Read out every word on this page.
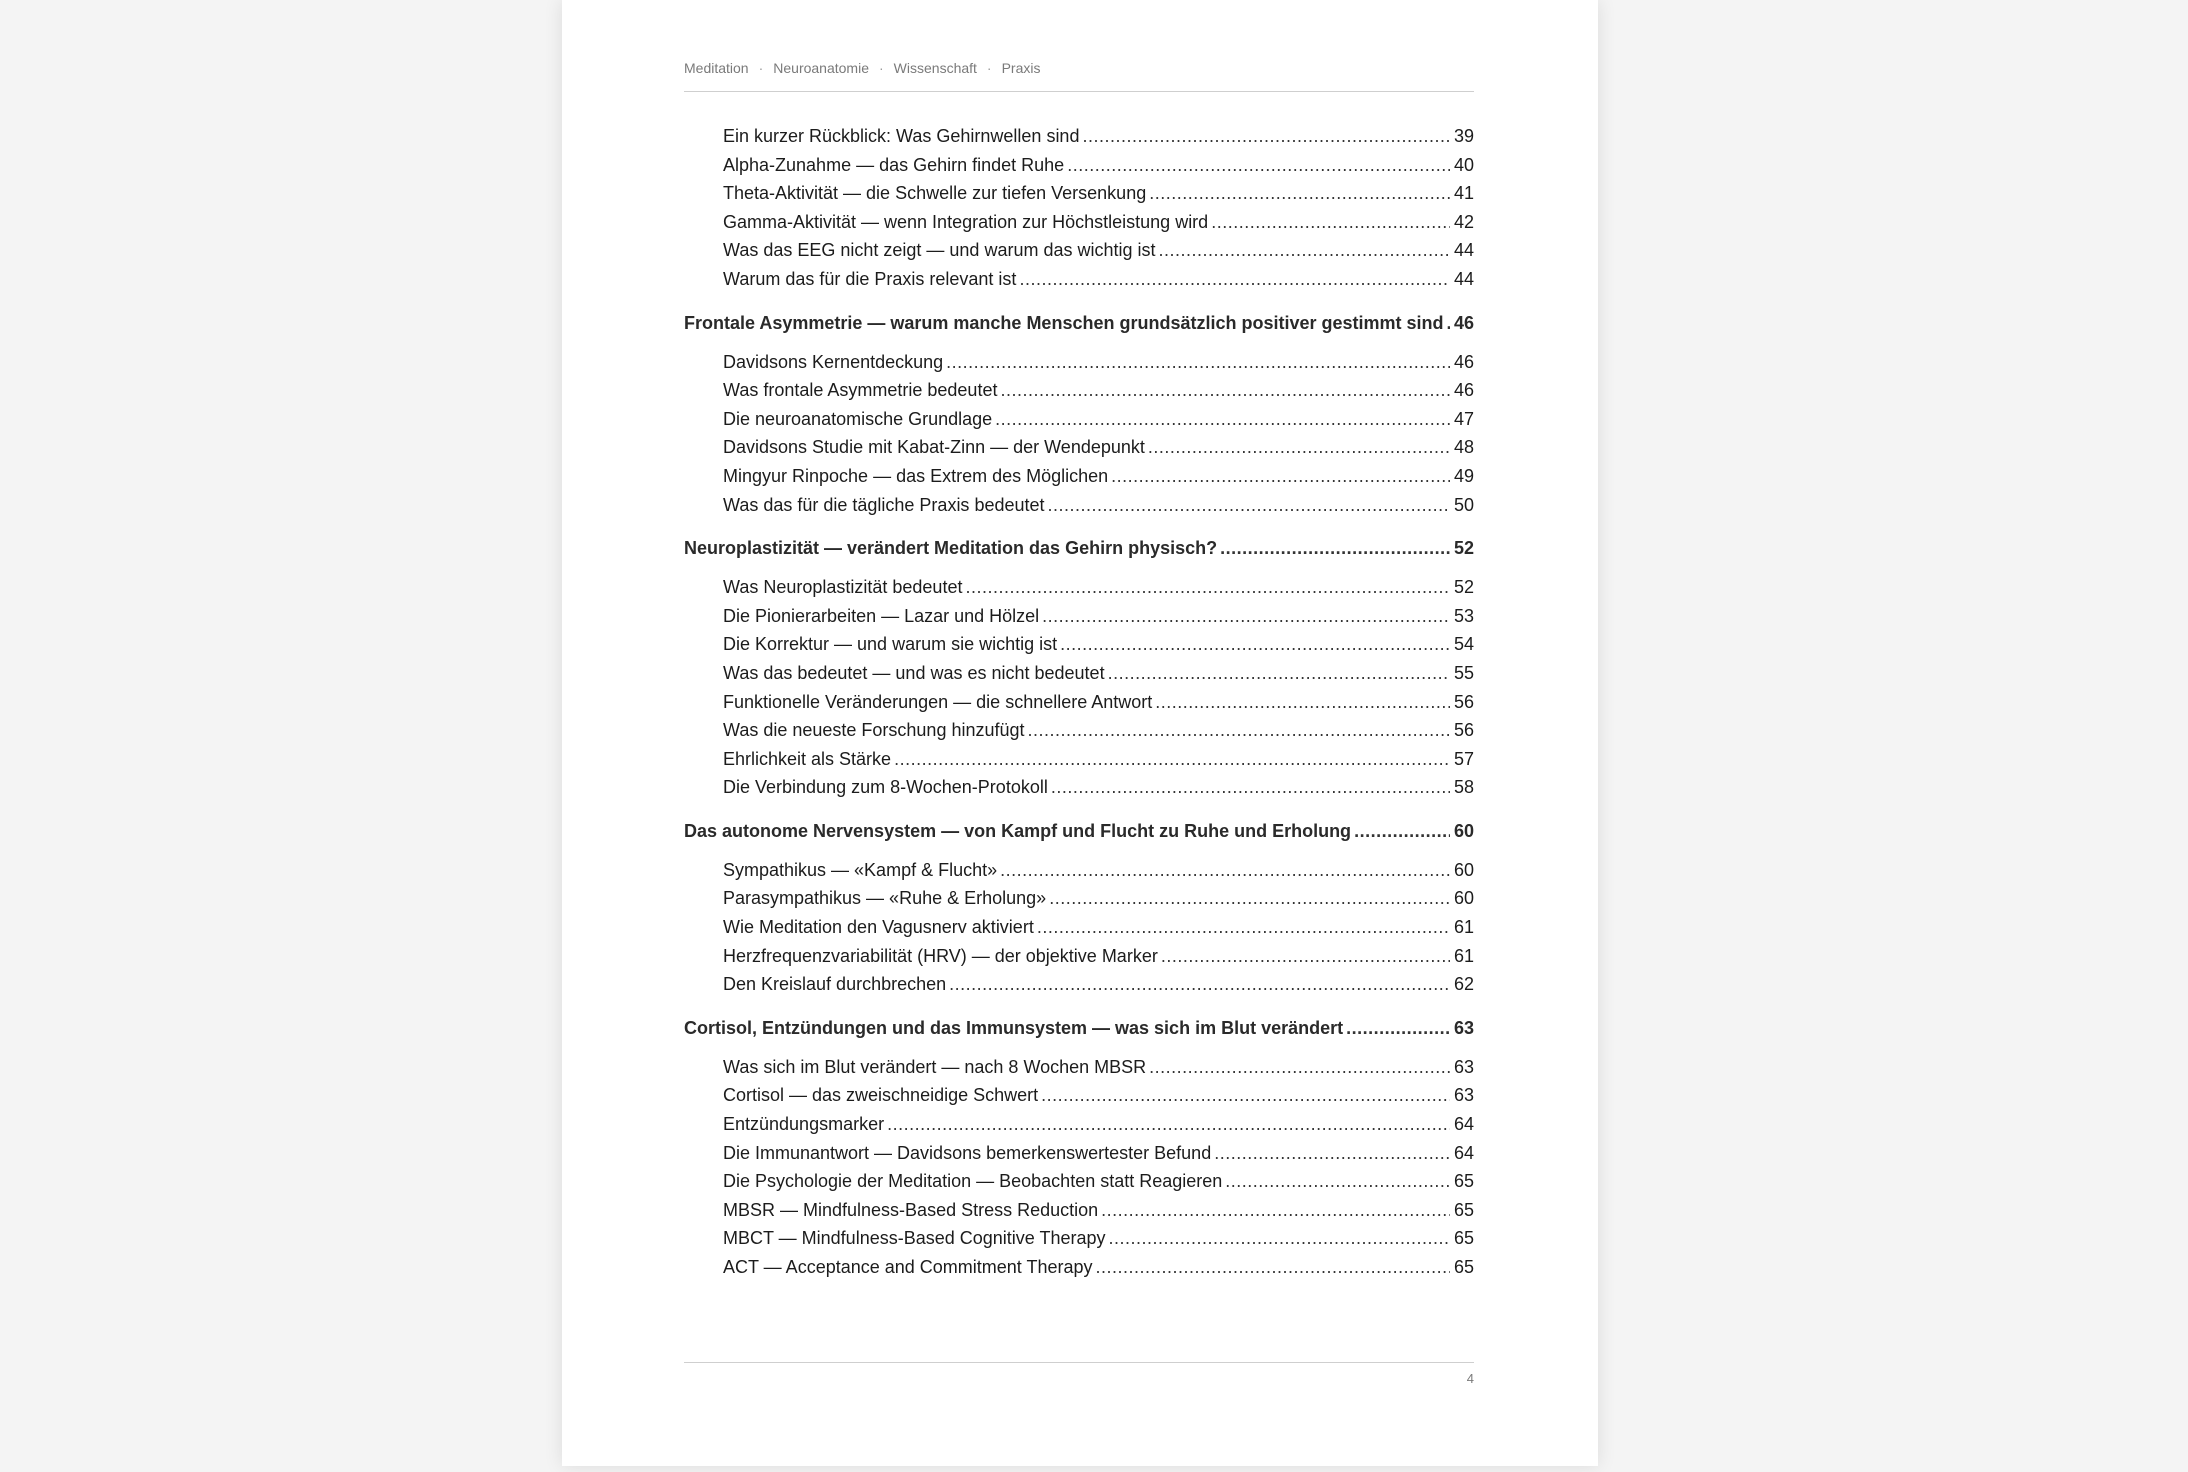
Meditation · Neuroanatomie · Wissenschaft · Praxis
Ein kurzer Rückblick: Was Gehirnwellen sind .....	39
Alpha-Zunahme — das Gehirn findet Ruhe .....	40
Theta-Aktivität — die Schwelle zur tiefen Versenkung .....	41
Gamma-Aktivität — wenn Integration zur Höchstleistung wird .....	42
Was das EEG nicht zeigt — und warum das wichtig ist .....	44
Warum das für die Praxis relevant ist .....	44
Frontale Asymmetrie — warum manche Menschen grundsätzlich positiver gestimmt sind ..... 46
Davidsons Kernentdeckung .....	46
Was frontale Asymmetrie bedeutet .....	46
Die neuroanatomische Grundlage .....	47
Davidsons Studie mit Kabat-Zinn — der Wendepunkt .....	48
Mingyur Rinpoche — das Extrem des Möglichen .....	49
Was das für die tägliche Praxis bedeutet .....	50
Neuroplastizität — verändert Meditation das Gehirn physisch? .....	52
Was Neuroplastizität bedeutet .....	52
Die Pionierarbeiten — Lazar und Hölzel .....	53
Die Korrektur — und warum sie wichtig ist .....	54
Was das bedeutet — und was es nicht bedeutet .....	55
Funktionelle Veränderungen — die schnellere Antwort .....	56
Was die neueste Forschung hinzufügt .....	56
Ehrlichkeit als Stärke .....	57
Die Verbindung zum 8-Wochen-Protokoll .....	58
Das autonome Nervensystem — von Kampf und Flucht zu Ruhe und Erholung .....	60
Sympathikus — «Kampf & Flucht» .....	60
Parasympathikus — «Ruhe & Erholung» .....	60
Wie Meditation den Vagusnerv aktiviert .....	61
Herzfrequenzvariabilität (HRV) — der objektive Marker .....	61
Den Kreislauf durchbrechen .....	62
Cortisol, Entzündungen und das Immunsystem — was sich im Blut verändert .....	63
Was sich im Blut verändert — nach 8 Wochen MBSR .....	63
Cortisol — das zweischneidige Schwert .....	63
Entzündungsmarker .....	64
Die Immunantwort — Davidsons bemerkenswertester Befund .....	64
Die Psychologie der Meditation — Beobachten statt Reagieren .....	65
MBSR — Mindfulness-Based Stress Reduction .....	65
MBCT — Mindfulness-Based Cognitive Therapy .....	65
ACT — Acceptance and Commitment Therapy .....	65
4
